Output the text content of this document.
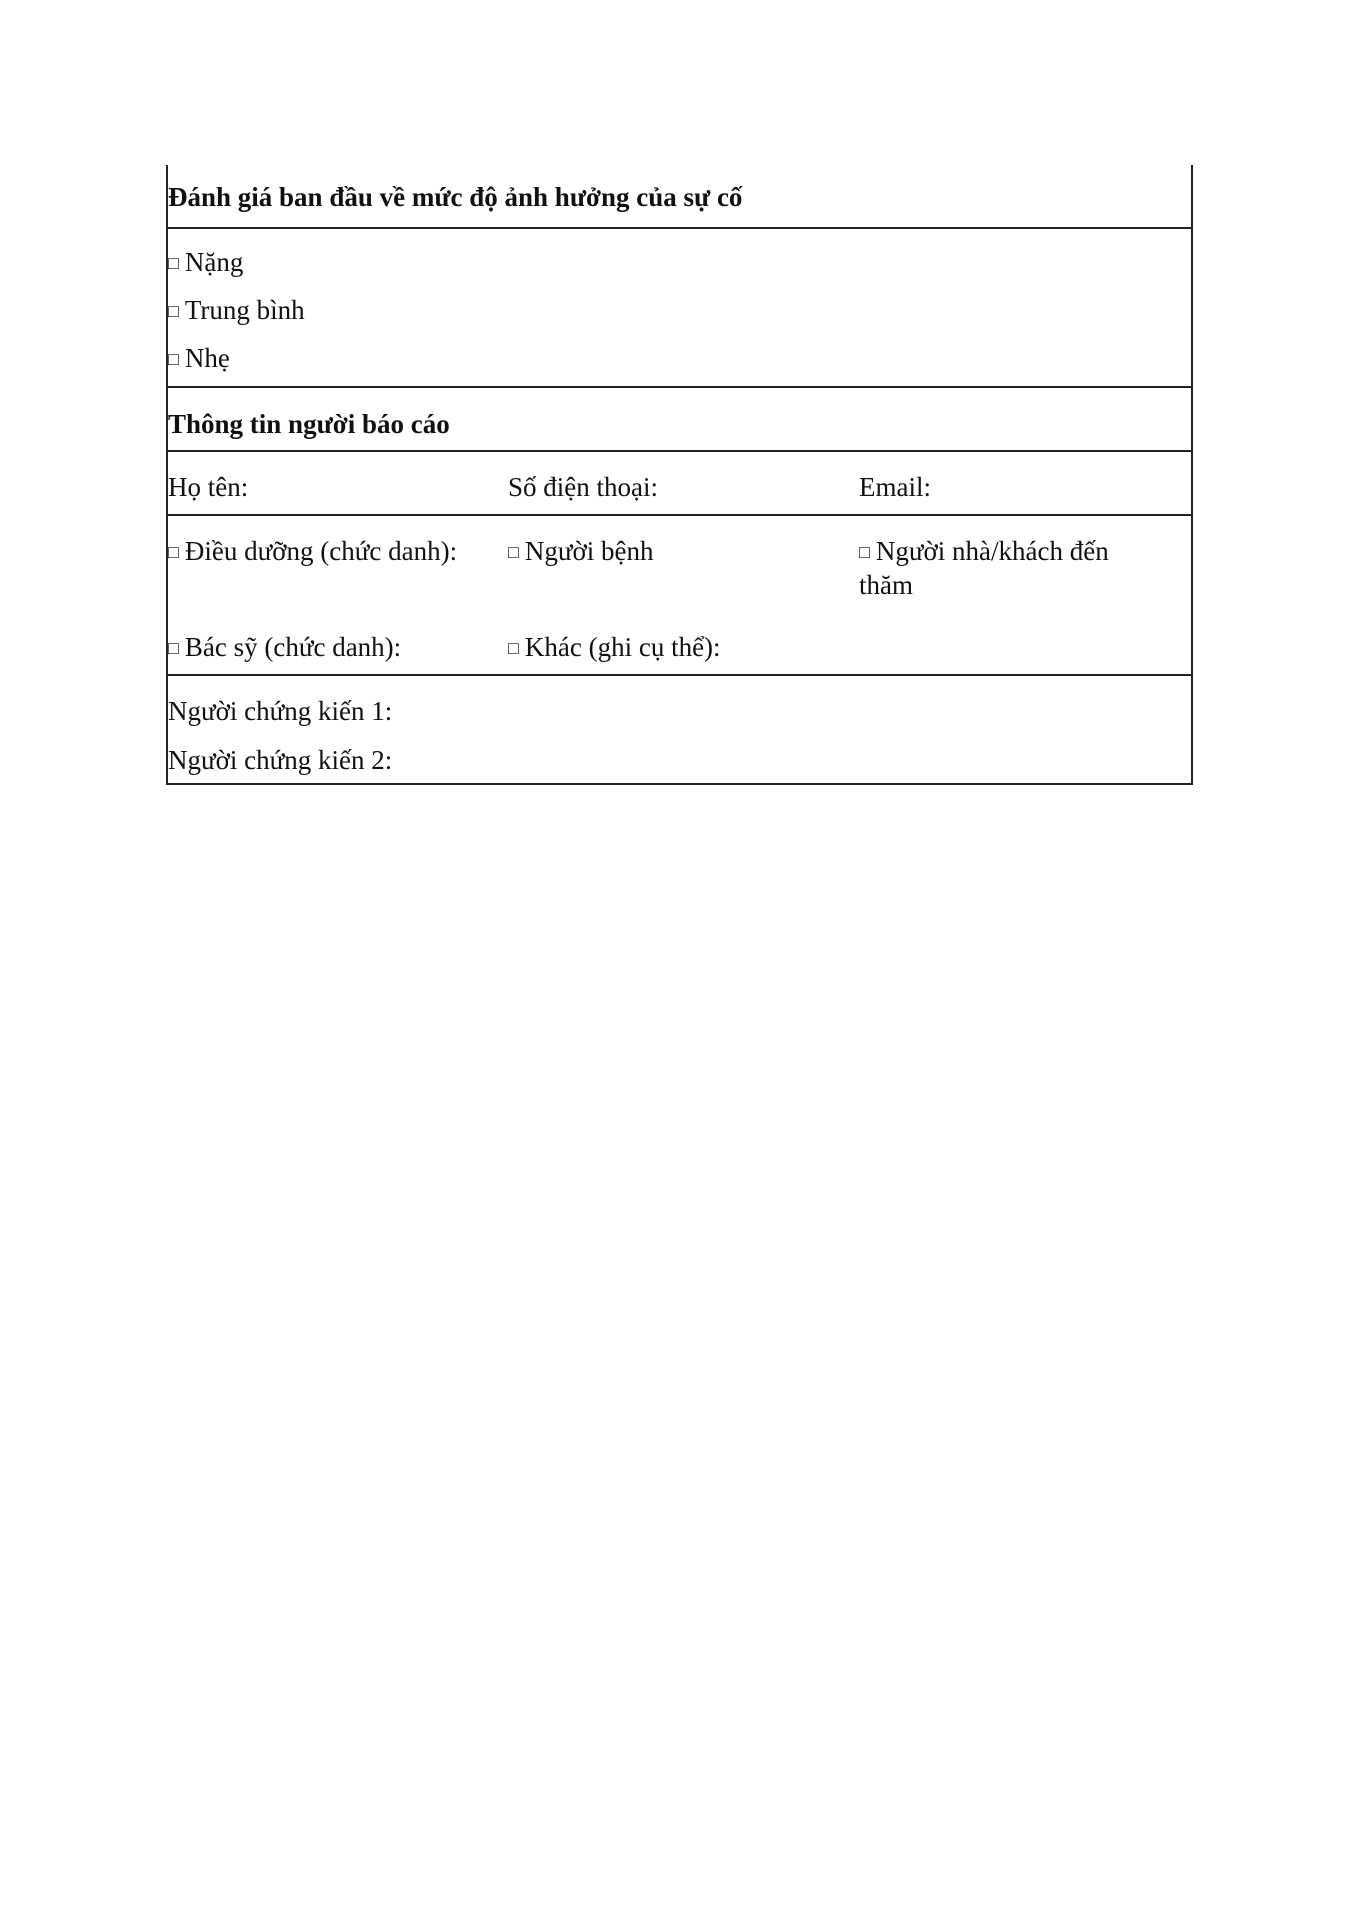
Đánh giá ban đầu về mức độ ảnh hưởng của sự cố
□ Nặng
□ Trung bình
□ Nhẹ
Thông tin người báo cáo
Họ tên:	Số điện thoại:	Email:
□ Điều dưỡng (chức danh):	□ Người bệnh	□ Người nhà/khách đến
thăm
□ Bác sỹ (chức danh):	□ Khác (ghi cụ thể):
Người chứng kiến 1:
Người chứng kiến 2:
